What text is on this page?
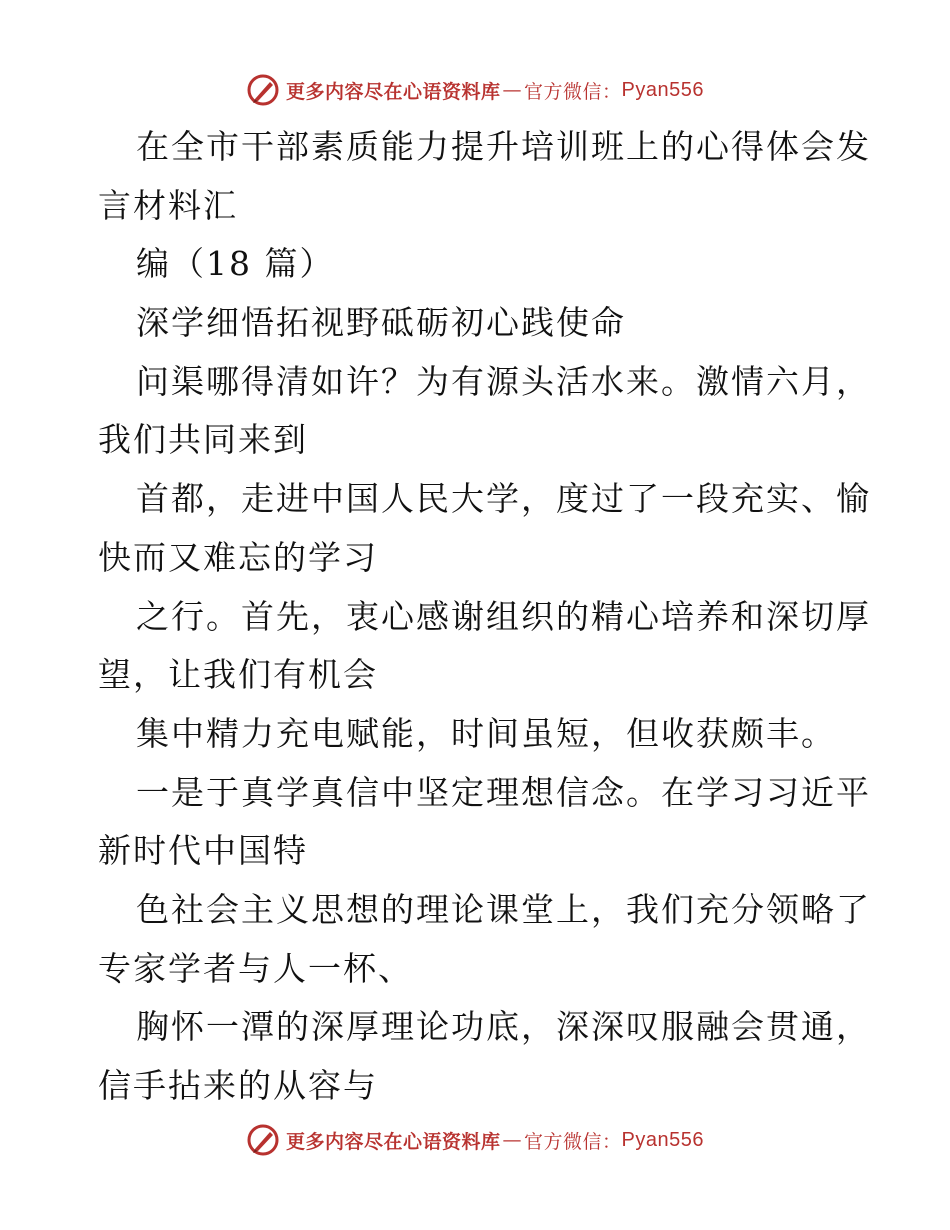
更多内容尽在心语资料库 — 官方微信： Pyan556
在全市干部素质能力提升培训班上的心得体会发
言材料汇
编（18 篇）
深学细悟拓视野砥砺初心践使命
问渠哪得清如许？为有源头活水来。激情六月，
我们共同来到
首都，走进中国人民大学，度过了一段充实、愉
快而又难忘的学习
之行。首先，衷心感谢组织的精心培养和深切厚
望，让我们有机会
集中精力充电赋能，时间虽短，但收获颇丰。
一是于真学真信中坚定理想信念。在学习习近平
新时代中国特
色社会主义思想的理论课堂上，我们充分领略了
专家学者与人一杯、
胸怀一潭的深厚理论功底，深深叹服融会贯通，
信手拈来的从容与
更多内容尽在心语资料库 — 官方微信： Pyan556
